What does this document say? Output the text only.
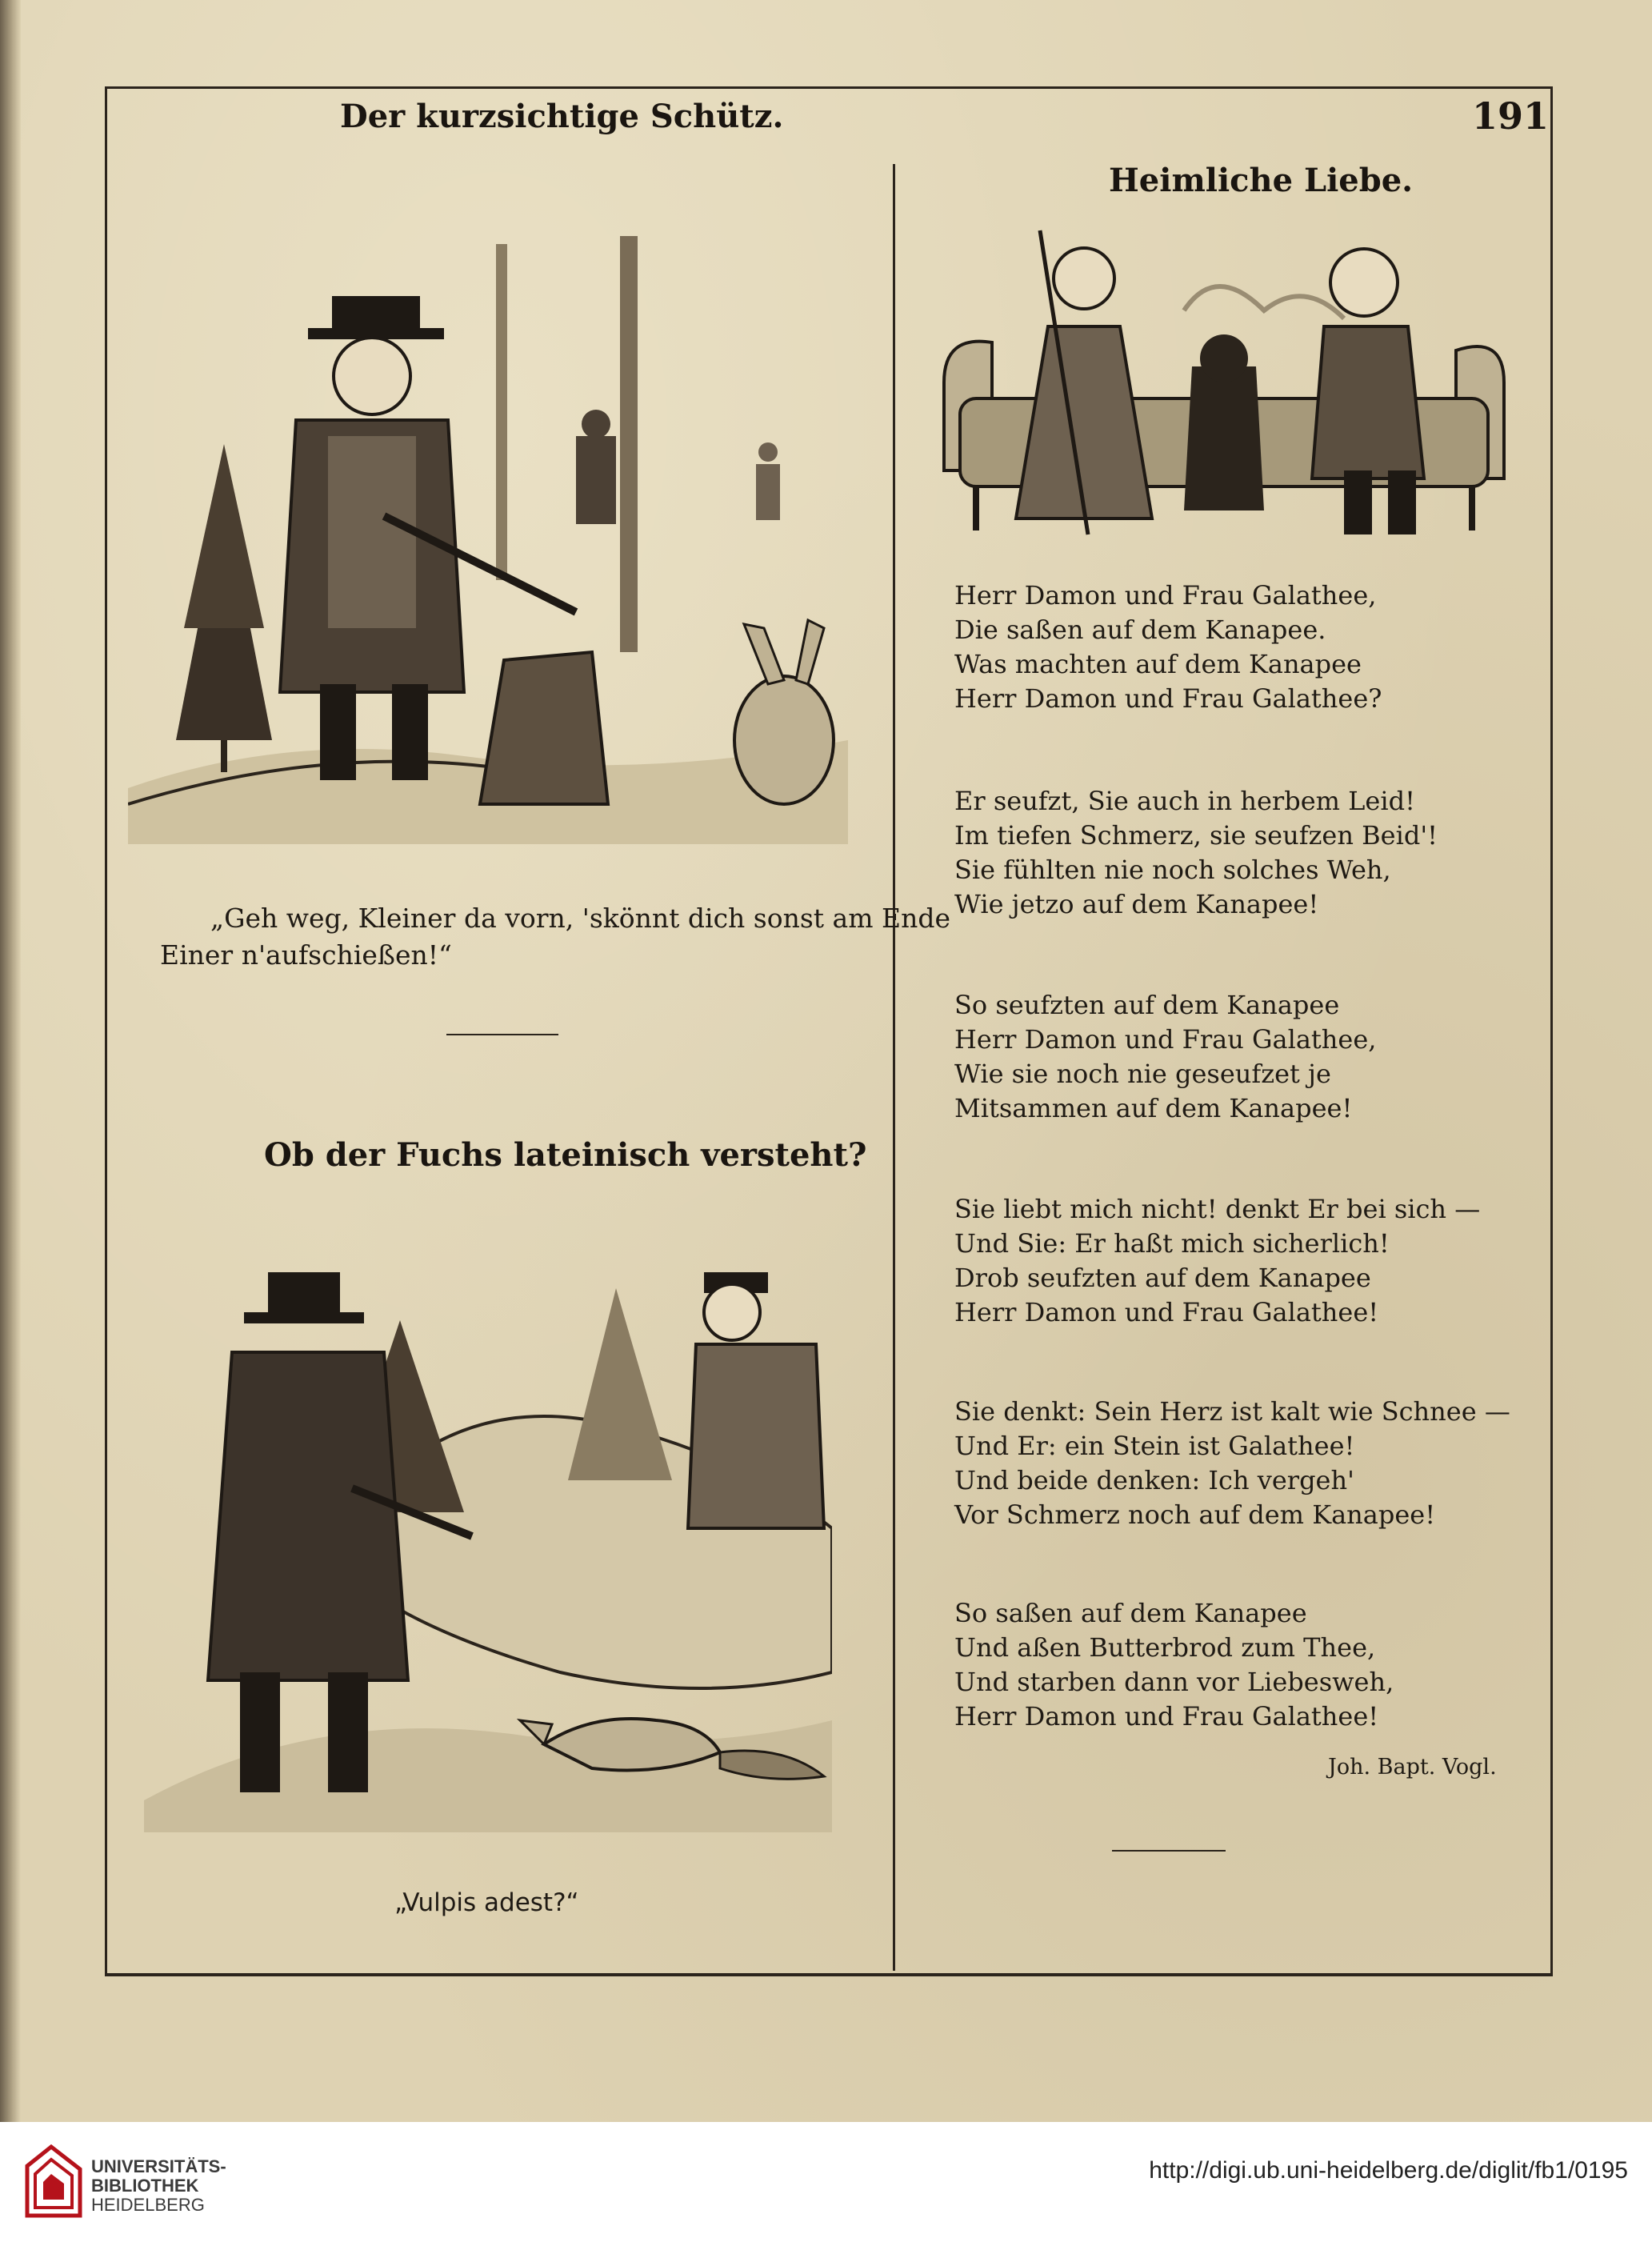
191
Der kurzsichtige Schütz.
„Geh weg, Kleiner da vorn, 'skönnt dich sonst am Ende
Einer n'aufschießen!“
Ob der Fuchs lateinisch versteht?
„Vulpis adest?“
Heimliche Liebe.
Herr Damon und Frau Galathee,
Die saßen auf dem Kanapee.
Was machten auf dem Kanapee
Herr Damon und Frau Galathee?
Er seufzt, Sie auch in herbem Leid!
Im tiefen Schmerz, sie seufzen Beid'!
Sie fühlten nie noch solches Weh,
Wie jetzo auf dem Kanapee!
So seufzten auf dem Kanapee
Herr Damon und Frau Galathee,
Wie sie noch nie geseufzet je
Mitsammen auf dem Kanapee!
Sie liebt mich nicht! denkt Er bei sich —
Und Sie: Er haßt mich sicherlich!
Drob seufzten auf dem Kanapee
Herr Damon und Frau Galathee!
Sie denkt: Sein Herz ist kalt wie Schnee —
Und Er: ein Stein ist Galathee!
Und beide denken: Ich vergeh'
Vor Schmerz noch auf dem Kanapee!
So saßen auf dem Kanapee
Und aßen Butterbrod zum Thee,
Und starben dann vor Liebesweh,
Herr Damon und Frau Galathee!
Joh. Bapt. Vogl.
UNIVERSITÄTS-
BIBLIOTHEK
HEIDELBERG
http://digi.ub.uni-heidelberg.de/diglit/fb1/0195
